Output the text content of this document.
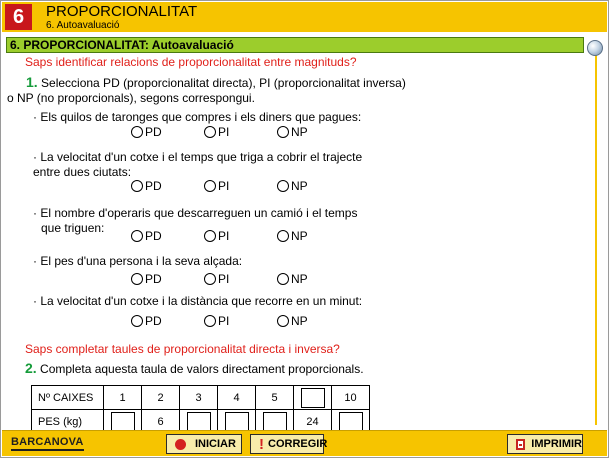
6	PROPORCIONALITAT
6. Autoavaluació
6. PROPORCIONALITAT: Autoavaluació
Saps identificar relacions de proporcionalitat entre magnituds?
1. Selecciona PD (proporcionalitat directa), PI (proporcionalitat inversa)
o NP (no proporcionals), segons correspongui.
· Els quilos de taronges que compres i els diners que pagues:
PD	PI	NP
· La velocitat d'un cotxe i el temps que triga a cobrir el trajecte
entre dues ciutats:
PD	PI	NP
· El nombre d'operaris que descarreguen un camió i el temps
que triguen:
PD	PI	NP
· El pes d'una persona i la seva alçada:
PD	PI	NP
· La velocitat d'un cotxe i la distància que recorre en un minut:
PD	PI	NP
Saps completar taules de proporcionalitat directa i inversa?
2. Completa aquesta taula de valors directament proporcionals.
Nº CAIXES	1	2	3	4	5		10
PES (kg)		6				24	
BARCANOVA	INICIAR ! CORREGIR	IMPRIMIR
